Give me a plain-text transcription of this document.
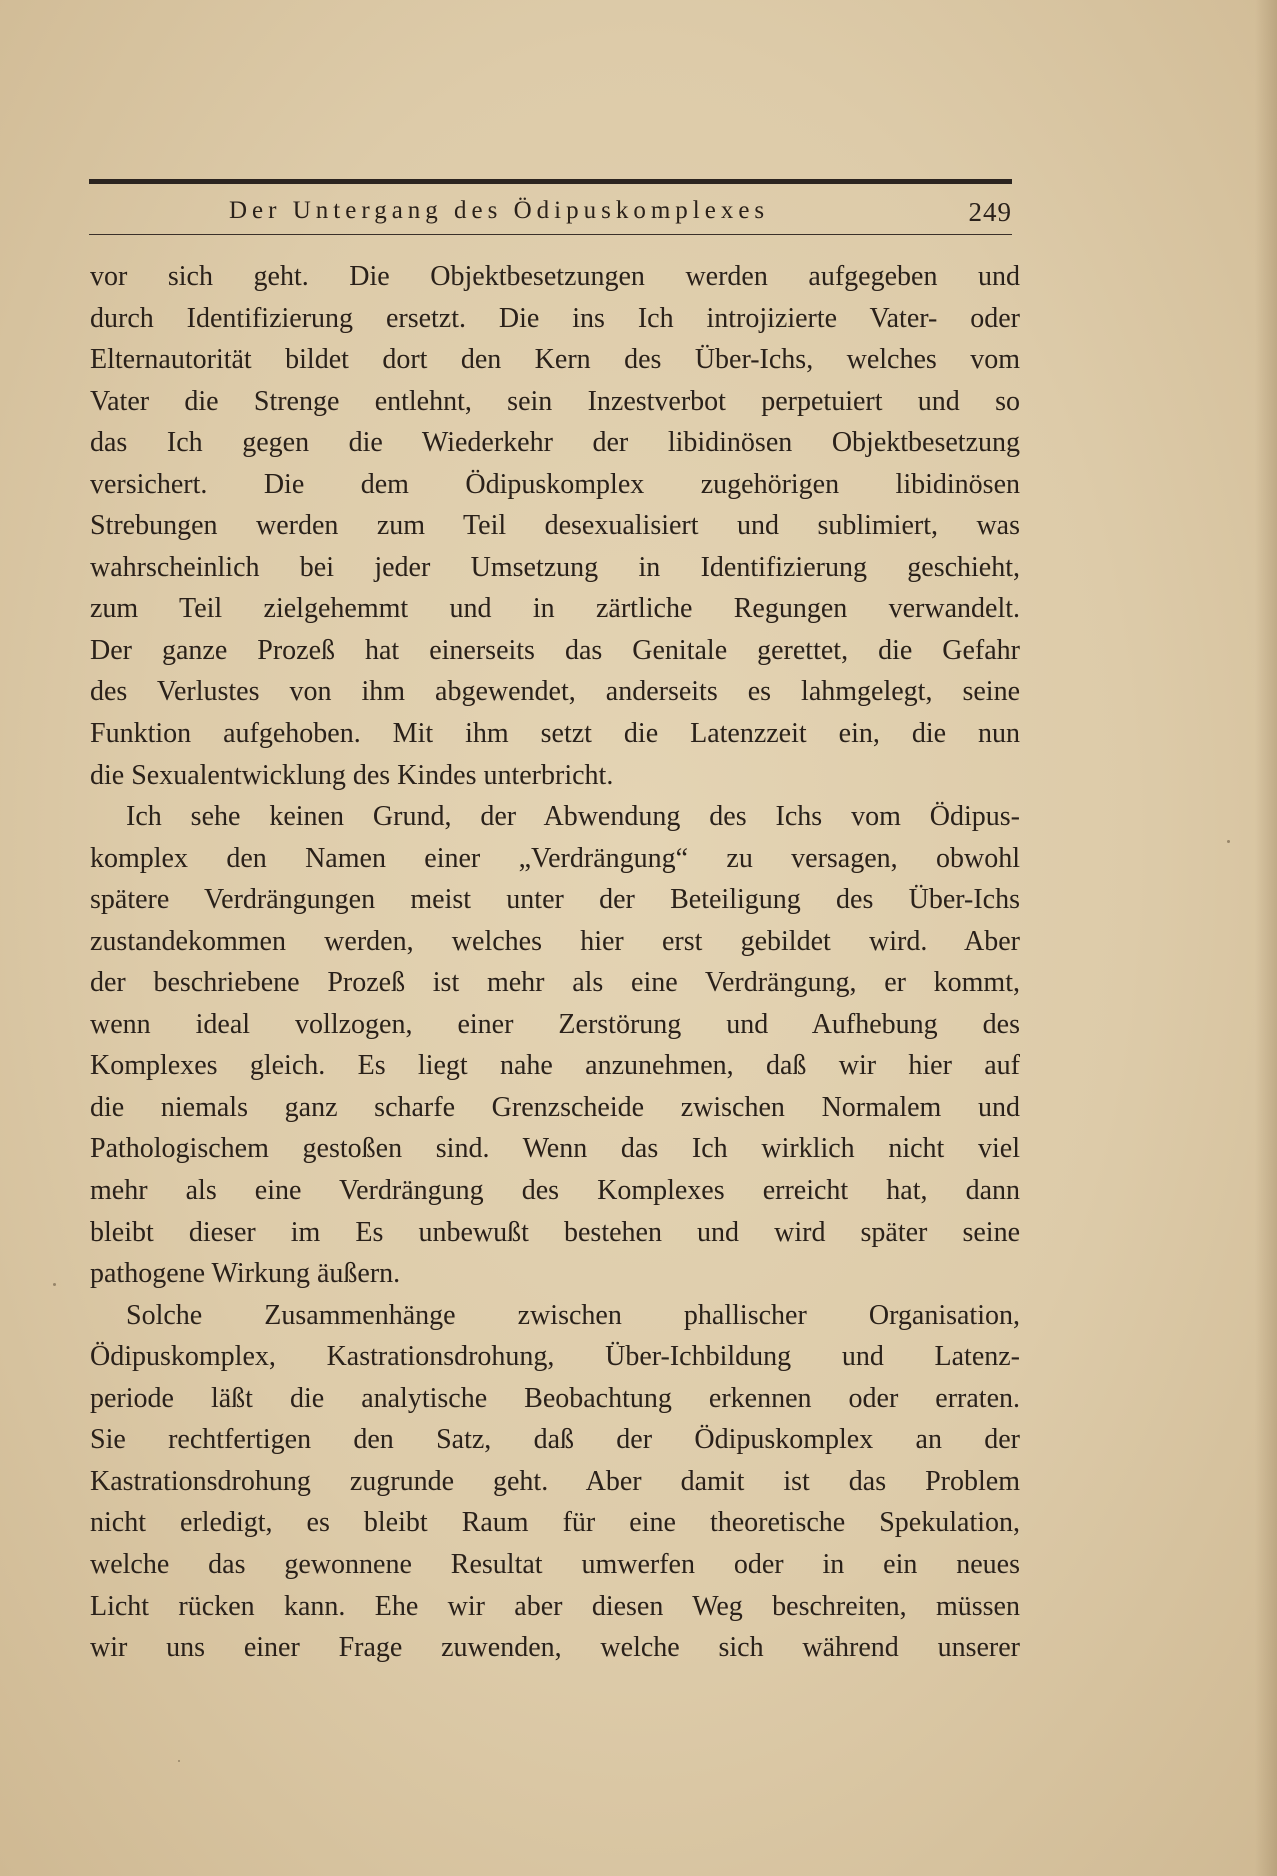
Der Untergang des Ödipuskomplexes	249
vor sich geht. Die Objektbesetzungen werden aufgegeben und
durch Identifizierung ersetzt. Die ins Ich introjizierte Vater- oder
Elternautorität bildet dort den Kern des Über-Ichs, welches vom
Vater die Strenge entlehnt, sein Inzestverbot perpetuiert und so
das Ich gegen die Wiederkehr der libidinösen Objektbesetzung
versichert. Die dem Ödipuskomplex zugehörigen libidinösen
Strebungen werden zum Teil desexualisiert und sublimiert, was
wahrscheinlich bei jeder Umsetzung in Identifizierung geschieht,
zum Teil zielgehemmt und in zärtliche Regungen verwandelt.
Der ganze Prozeß hat einerseits das Genitale gerettet, die Gefahr
des Verlustes von ihm abgewendet, anderseits es lahmgelegt, seine
Funktion aufgehoben. Mit ihm setzt die Latenzzeit ein, die nun
die Sexualentwicklung des Kindes unterbricht.
Ich sehe keinen Grund, der Abwendung des Ichs vom Ödipus-
komplex den Namen einer „Verdrängung“ zu versagen, obwohl
spätere Verdrängungen meist unter der Beteiligung des Über-Ichs
zustandekommen werden, welches hier erst gebildet wird. Aber
der beschriebene Prozeß ist mehr als eine Verdrängung, er kommt,
wenn ideal vollzogen, einer Zerstörung und Aufhebung des
Komplexes gleich. Es liegt nahe anzunehmen, daß wir hier auf
die niemals ganz scharfe Grenzscheide zwischen Normalem und
Pathologischem gestoßen sind. Wenn das Ich wirklich nicht viel
mehr als eine Verdrängung des Komplexes erreicht hat, dann
bleibt dieser im Es unbewußt bestehen und wird später seine
pathogene Wirkung äußern.
Solche Zusammenhänge zwischen phallischer Organisation,
Ödipuskomplex, Kastrationsdrohung, Über-Ichbildung und Latenz-
periode läßt die analytische Beobachtung erkennen oder erraten.
Sie rechtfertigen den Satz, daß der Ödipuskomplex an der
Kastrationsdrohung zugrunde geht. Aber damit ist das Problem
nicht erledigt, es bleibt Raum für eine theoretische Spekulation,
welche das gewonnene Resultat umwerfen oder in ein neues
Licht rücken kann. Ehe wir aber diesen Weg beschreiten, müssen
wir uns einer Frage zuwenden, welche sich während unserer
